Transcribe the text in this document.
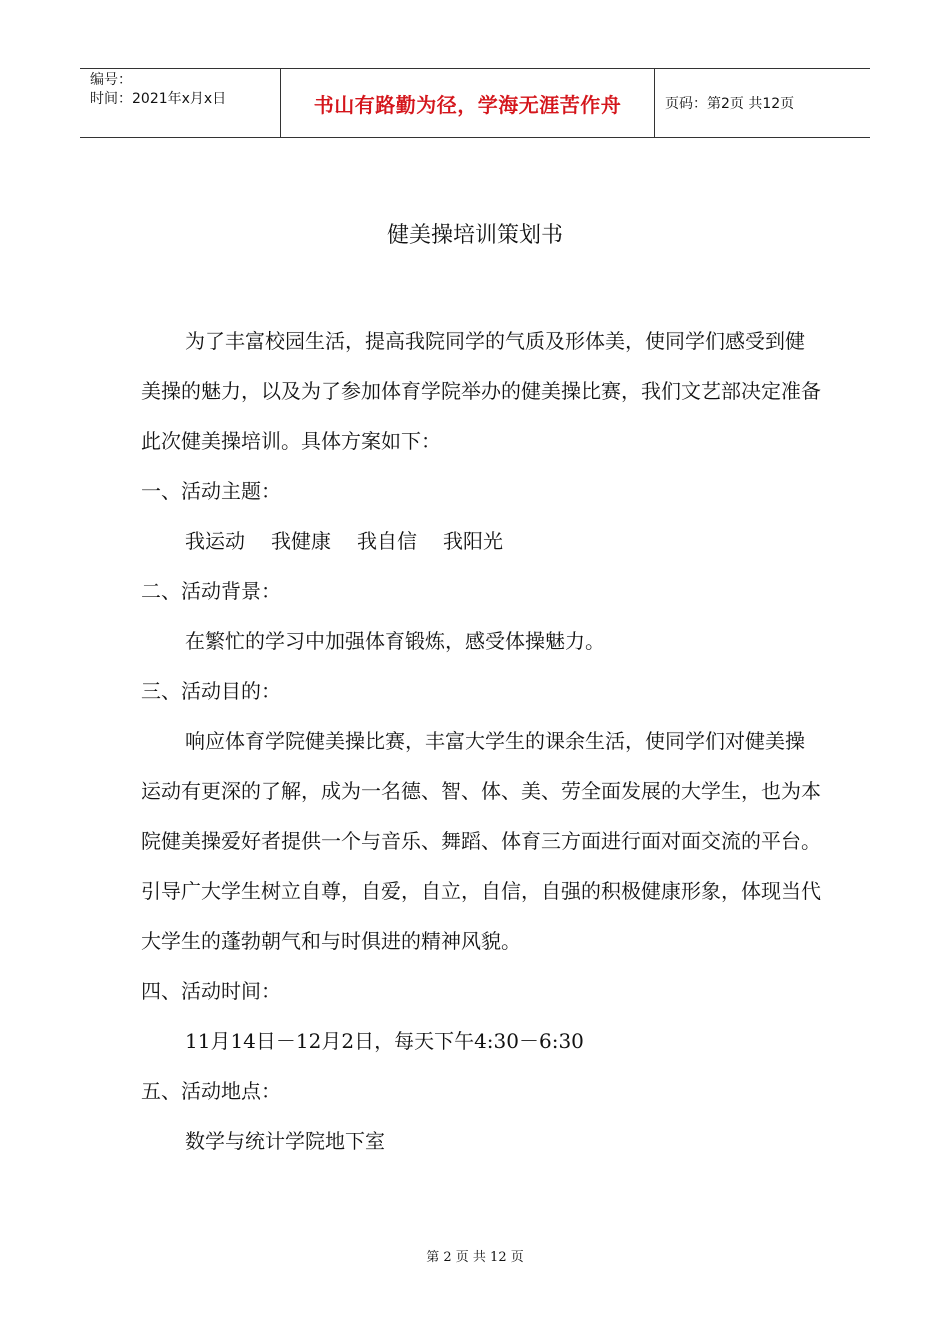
编号：
时间：2021年x月x日	书山有路勤为径，学海无涯苦作舟	页码：第2页 共12页
健美操培训策划书

为了丰富校园生活，提高我院同学的气质及形体美，使同学们感受到健美操的魅力，以及为了参加体育学院举办的健美操比赛，我们文艺部决定准备此次健美操培训。具体方案如下：

一、活动主题：

我运动 我健康 我自信 我阳光

二、活动背景：

在繁忙的学习中加强体育锻炼，感受体操魅力。

三、活动目的：

响应体育学院健美操比赛，丰富大学生的课余生活，使同学们对健美操运动有更深的了解，成为一名德、智、体、美、劳全面发展的大学生，也为本院健美操爱好者提供一个与音乐、舞蹈、体育三方面进行面对面交流的平台。引导广大学生树立自尊，自爱，自立，自信，自强的积极健康形象，体现当代大学生的蓬勃朝气和与时俱进的精神风貌。

四、活动时间：

11月14日－12月2日，每天下午4:30－6:30

五、活动地点：

数学与统计学院地下室

第 2 页 共 12 页
